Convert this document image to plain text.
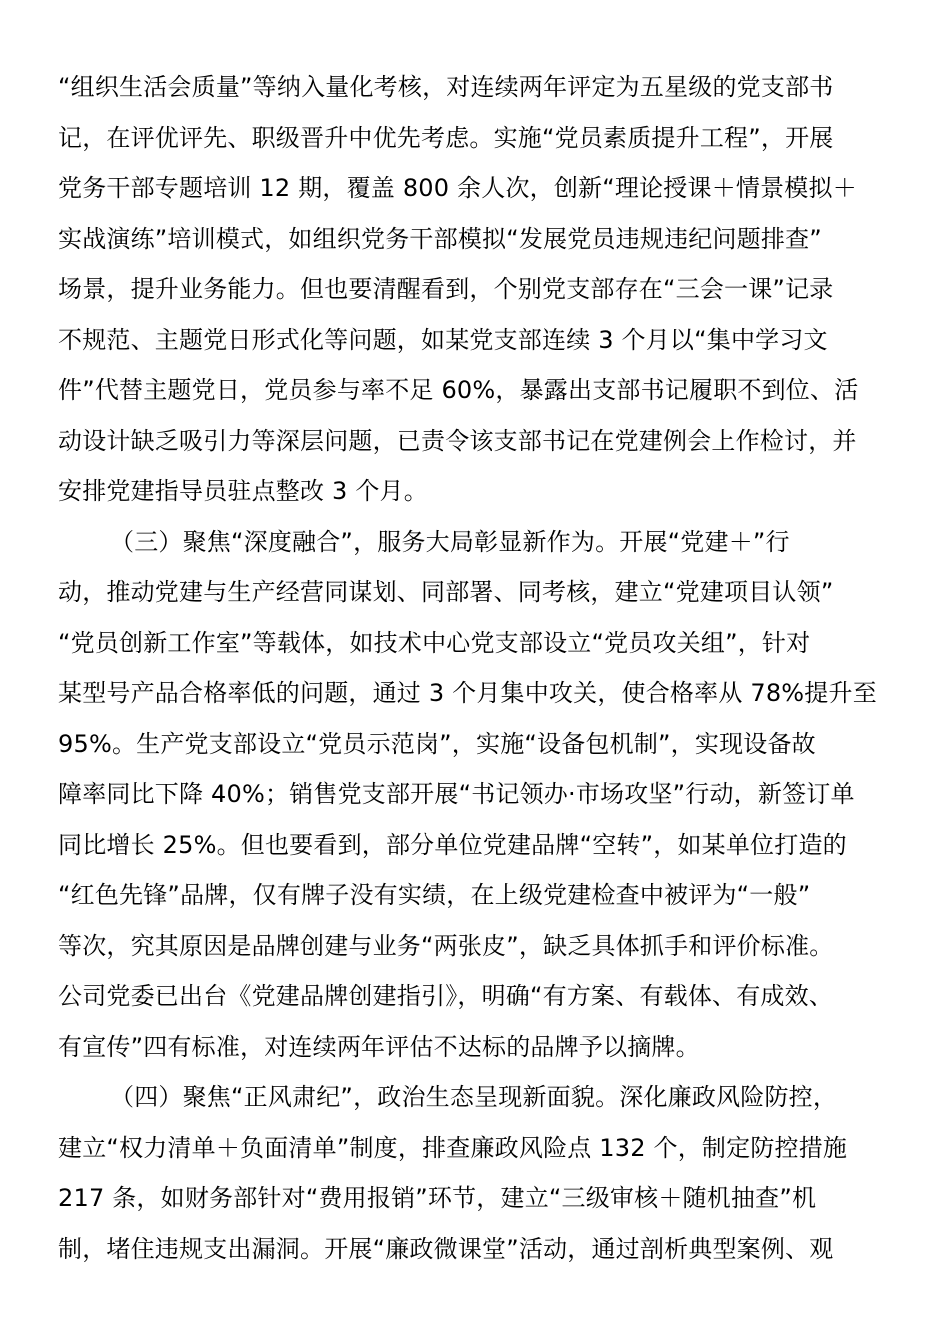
“组织生活会质量”等纳入量化考核，对连续两年评定为五星级的党支部书
记，在评优评先、职级晋升中优先考虑。实施“党员素质提升工程”，开展
党务干部专题培训 12 期，覆盖 800 余人次，创新“理论授课＋情景模拟＋
实战演练”培训模式，如组织党务干部模拟“发展党员违规违纪问题排查”
场景，提升业务能力。但也要清醒看到，个别党支部存在“三会一课”记录
不规范、主题党日形式化等问题，如某党支部连续 3 个月以“集中学习文
件”代替主题党日，党员参与率不足 60%，暴露出支部书记履职不到位、活
动设计缺乏吸引力等深层问题，已责令该支部书记在党建例会上作检讨，并
安排党建指导员驻点整改 3 个月。
（三）聚焦“深度融合”，服务大局彰显新作为。开展“党建＋”行
动，推动党建与生产经营同谋划、同部署、同考核，建立“党建项目认领”
“党员创新工作室”等载体，如技术中心党支部设立“党员攻关组”，针对
某型号产品合格率低的问题，通过 3 个月集中攻关，使合格率从 78%提升至
95%。生产党支部设立“党员示范岗”，实施“设备包机制”，实现设备故
障率同比下降 40%；销售党支部开展“书记领办·市场攻坚”行动，新签订单
同比增长 25%。但也要看到，部分单位党建品牌“空转”，如某单位打造的
“红色先锋”品牌，仅有牌子没有实绩，在上级党建检查中被评为“一般”
等次，究其原因是品牌创建与业务“两张皮”，缺乏具体抓手和评价标准。
公司党委已出台《党建品牌创建指引》，明确“有方案、有载体、有成效、
有宣传”四有标准，对连续两年评估不达标的品牌予以摘牌。
（四）聚焦“正风肃纪”，政治生态呈现新面貌。深化廉政风险防控，
建立“权力清单＋负面清单”制度，排查廉政风险点 132 个，制定防控措施
217 条，如财务部针对“费用报销”环节，建立“三级审核＋随机抽查”机
制，堵住违规支出漏洞。开展“廉政微课堂”活动，通过剖析典型案例、观
